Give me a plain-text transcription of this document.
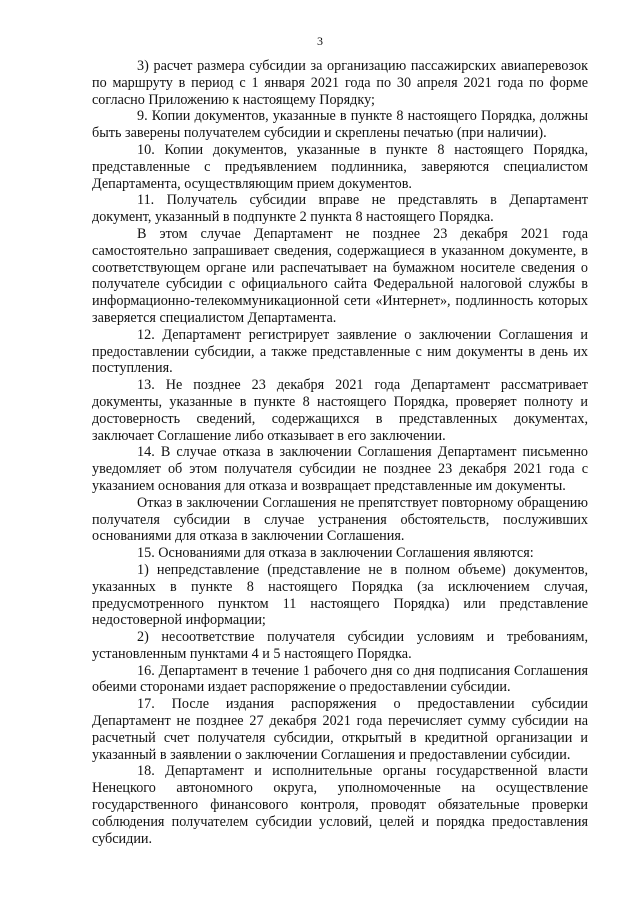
3

3) расчет размера субсидии за организацию пассажирских авиаперевозок по маршруту в период с 1 января 2021 года по 30 апреля 2021 года по форме согласно Приложению к настоящему Порядку;

9. Копии документов, указанные в пункте 8 настоящего Порядка, должны быть заверены получателем субсидии и скреплены печатью (при наличии).

10. Копии документов, указанные в пункте 8 настоящего Порядка, представленные с предъявлением подлинника, заверяются специалистом Департамента, осуществляющим прием документов.

11. Получатель субсидии вправе не представлять в Департамент документ, указанный в подпункте 2 пункта 8 настоящего Порядка.

В этом случае Департамент не позднее 23 декабря 2021 года самостоятельно запрашивает сведения, содержащиеся в указанном документе, в соответствующем органе или распечатывает на бумажном носителе сведения о получателе субсидии с официального сайта Федеральной налоговой службы в информационно-телекоммуникационной сети «Интернет», подлинность которых заверяется специалистом Департамента.

12. Департамент регистрирует заявление о заключении Соглашения и предоставлении субсидии, а также представленные с ним документы в день их поступления.

13. Не позднее 23 декабря 2021 года Департамент рассматривает документы, указанные в пункте 8 настоящего Порядка, проверяет полноту и достоверность сведений, содержащихся в представленных документах, заключает Соглашение либо отказывает в его заключении.

14. В случае отказа в заключении Соглашения Департамент письменно уведомляет об этом получателя субсидии не позднее 23 декабря 2021 года с указанием основания для отказа и возвращает представленные им документы.

Отказ в заключении Соглашения не препятствует повторному обращению получателя субсидии в случае устранения обстоятельств, послуживших основаниями для отказа в заключении Соглашения.

15. Основаниями для отказа в заключении Соглашения являются:

1) непредставление (представление не в полном объеме) документов, указанных в пункте 8 настоящего Порядка (за исключением случая, предусмотренного пунктом 11 настоящего Порядка) или представление недостоверной информации;

2) несоответствие получателя субсидии условиям и требованиям, установленным пунктами 4 и 5 настоящего Порядка.

16. Департамент в течение 1 рабочего дня со дня подписания Соглашения обеими сторонами издает распоряжение о предоставлении субсидии.

17. После издания распоряжения о предоставлении субсидии Департамент не позднее 27 декабря 2021 года перечисляет сумму субсидии на расчетный счет получателя субсидии, открытый в кредитной организации и указанный в заявлении о заключении Соглашения и предоставлении субсидии.

18. Департамент и исполнительные органы государственной власти Ненецкого автономного округа, уполномоченные на осуществление государственного финансового контроля, проводят обязательные проверки соблюдения получателем субсидии условий, целей и порядка предоставления субсидии.
